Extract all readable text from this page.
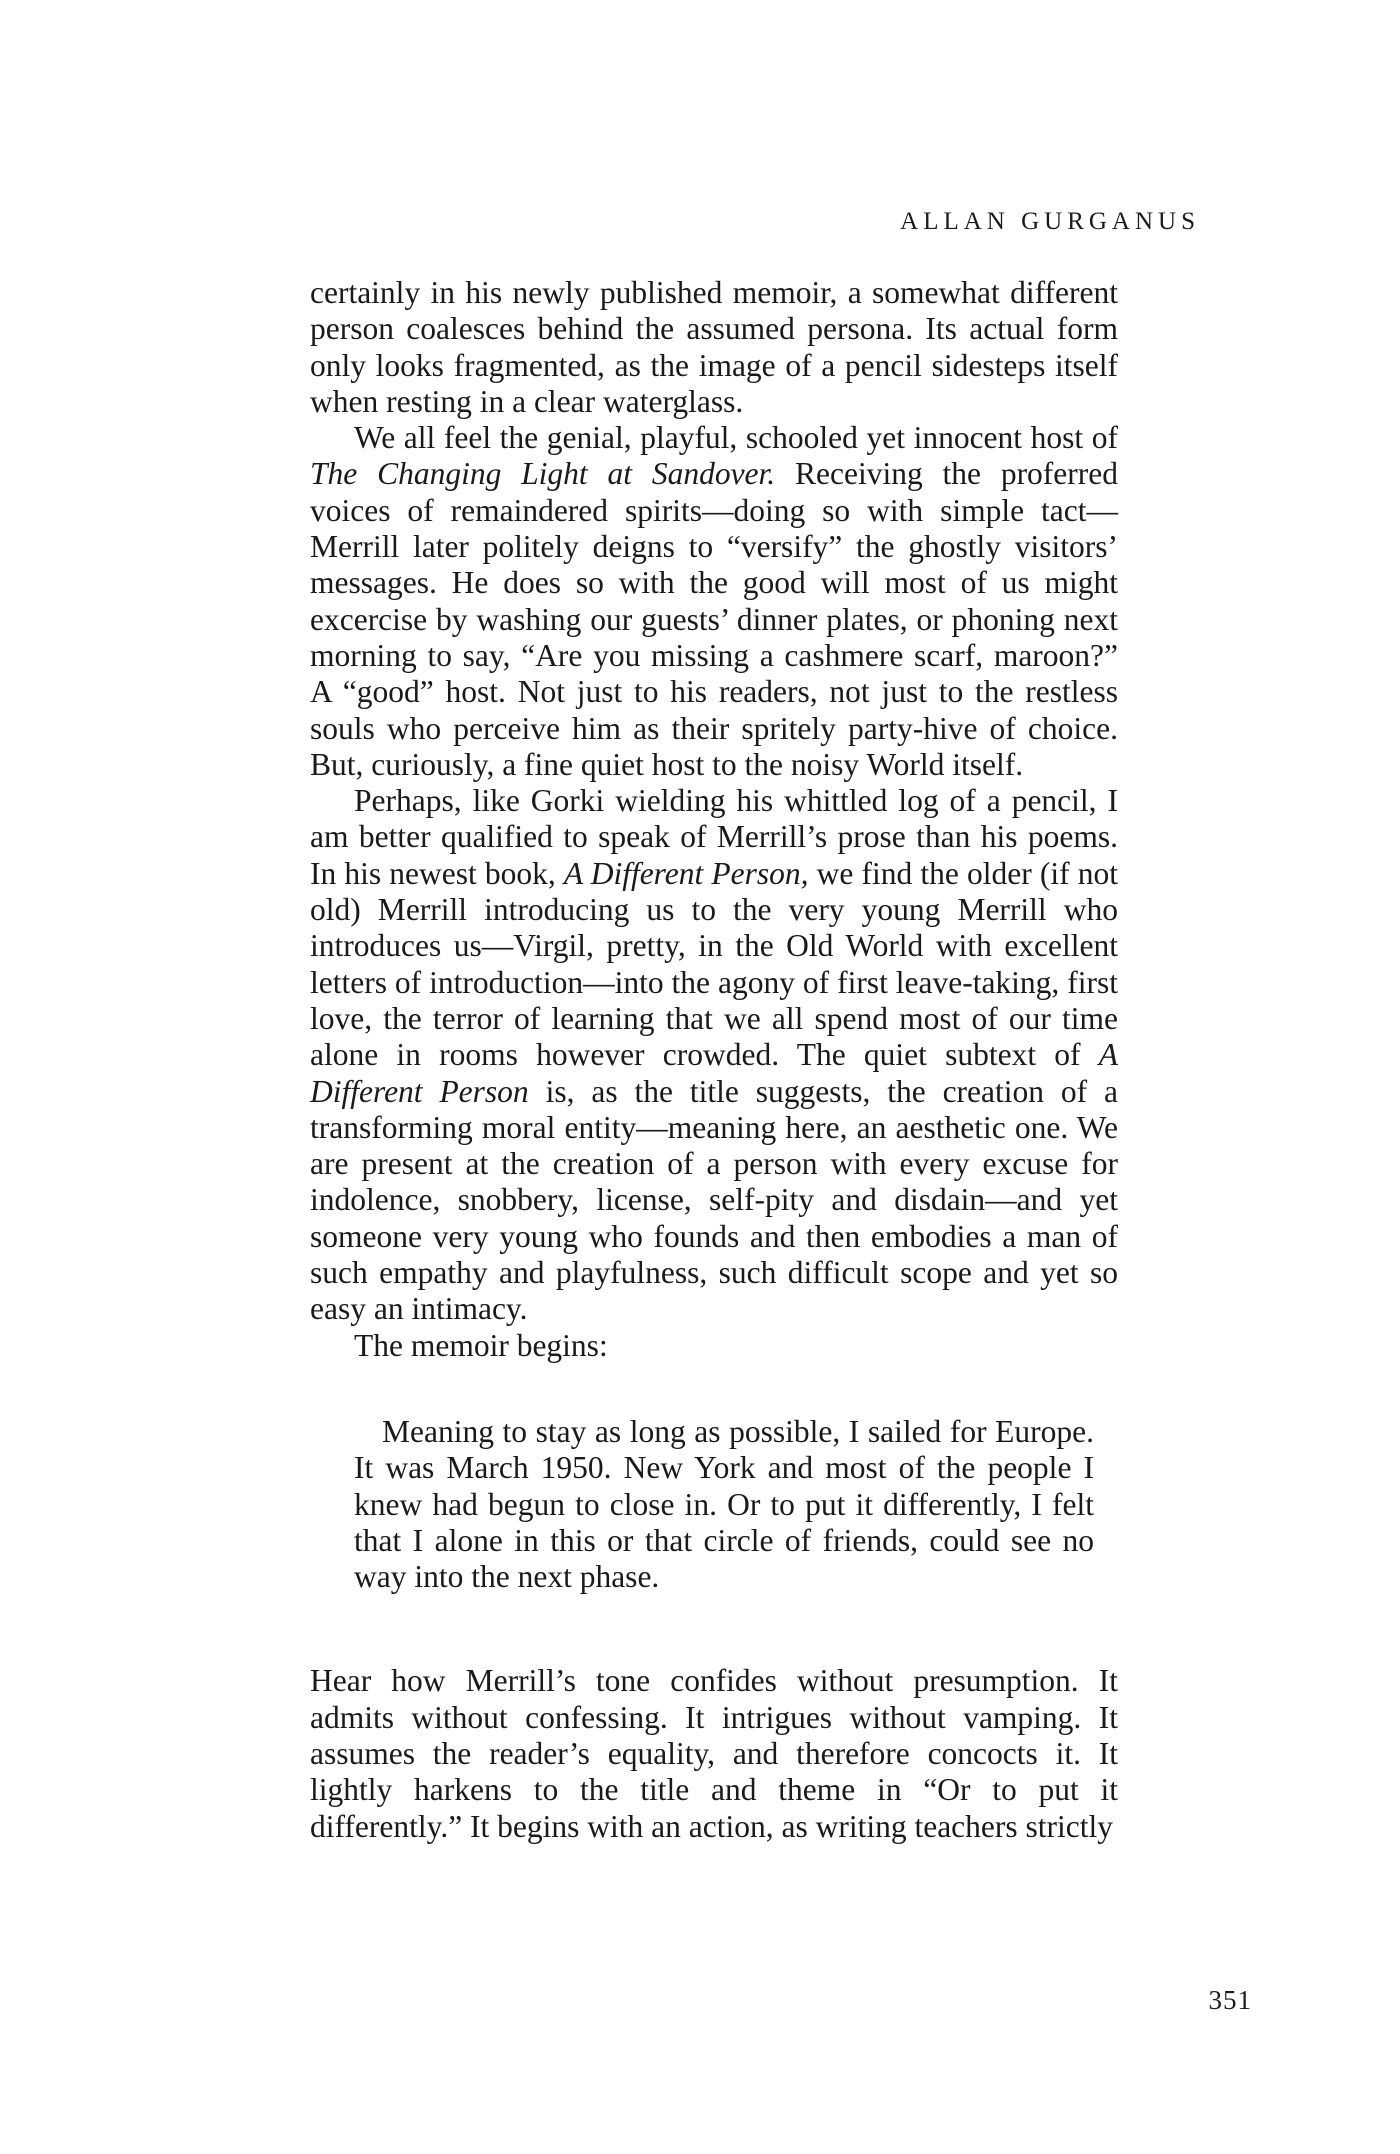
ALLAN GURGANUS

certainly in his newly published memoir, a somewhat different person coalesces behind the assumed persona. Its actual form only looks fragmented, as the image of a pencil sidesteps itself when resting in a clear waterglass.

We all feel the genial, playful, schooled yet innocent host of The Changing Light at Sandover. Receiving the proferred voices of remaindered spirits—doing so with simple tact—Merrill later politely deigns to “versify” the ghostly visitors’ messages. He does so with the good will most of us might excercise by washing our guests’ dinner plates, or phoning next morning to say, “Are you missing a cashmere scarf, maroon?” A “good” host. Not just to his readers, not just to the restless souls who perceive him as their spritely party-hive of choice. But, curiously, a fine quiet host to the noisy World itself.

Perhaps, like Gorki wielding his whittled log of a pencil, I am better qualified to speak of Merrill’s prose than his poems. In his newest book, A Different Person, we find the older (if not old) Merrill introducing us to the very young Merrill who introduces us—Virgil, pretty, in the Old World with excellent letters of introduction—into the agony of first leave-taking, first love, the terror of learning that we all spend most of our time alone in rooms however crowded. The quiet subtext of A Different Person is, as the title suggests, the creation of a transforming moral entity—meaning here, an aesthetic one. We are present at the creation of a person with every excuse for indolence, snobbery, license, self-pity and disdain—and yet someone very young who founds and then embodies a man of such empathy and playfulness, such difficult scope and yet so easy an intimacy.

The memoir begins:

Meaning to stay as long as possible, I sailed for Europe. It was March 1950. New York and most of the people I knew had begun to close in. Or to put it differently, I felt that I alone in this or that circle of friends, could see no way into the next phase.

Hear how Merrill’s tone confides without presumption. It admits without confessing. It intrigues without vamping. It assumes the reader’s equality, and therefore concocts it. It lightly harkens to the title and theme in “Or to put it differently.” It begins with an action, as writing teachers strictly

351
